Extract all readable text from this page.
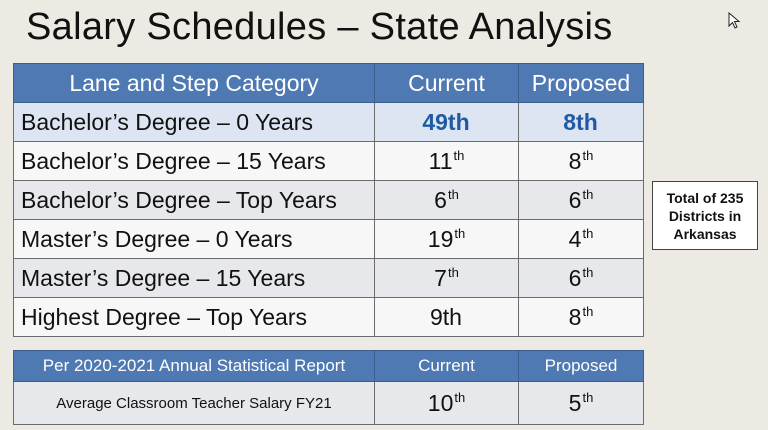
Salary Schedules – State Analysis
Lane and Step Category	Current	Proposed
Bachelor’s Degree – 0 Years	49th	8th
Bachelor’s Degree – 15 Years	11th	8th
Bachelor’s Degree – Top Years	6th	6th
Master’s Degree – 0 Years	19th	4th
Master’s Degree – 15 Years	7th	6th
Highest Degree – Top Years	9th	8th
Per 2020-2021 Annual Statistical Report	Current	Proposed
Average Classroom Teacher Salary FY21	10th	5th
Total of 235 Districts in Arkansas
